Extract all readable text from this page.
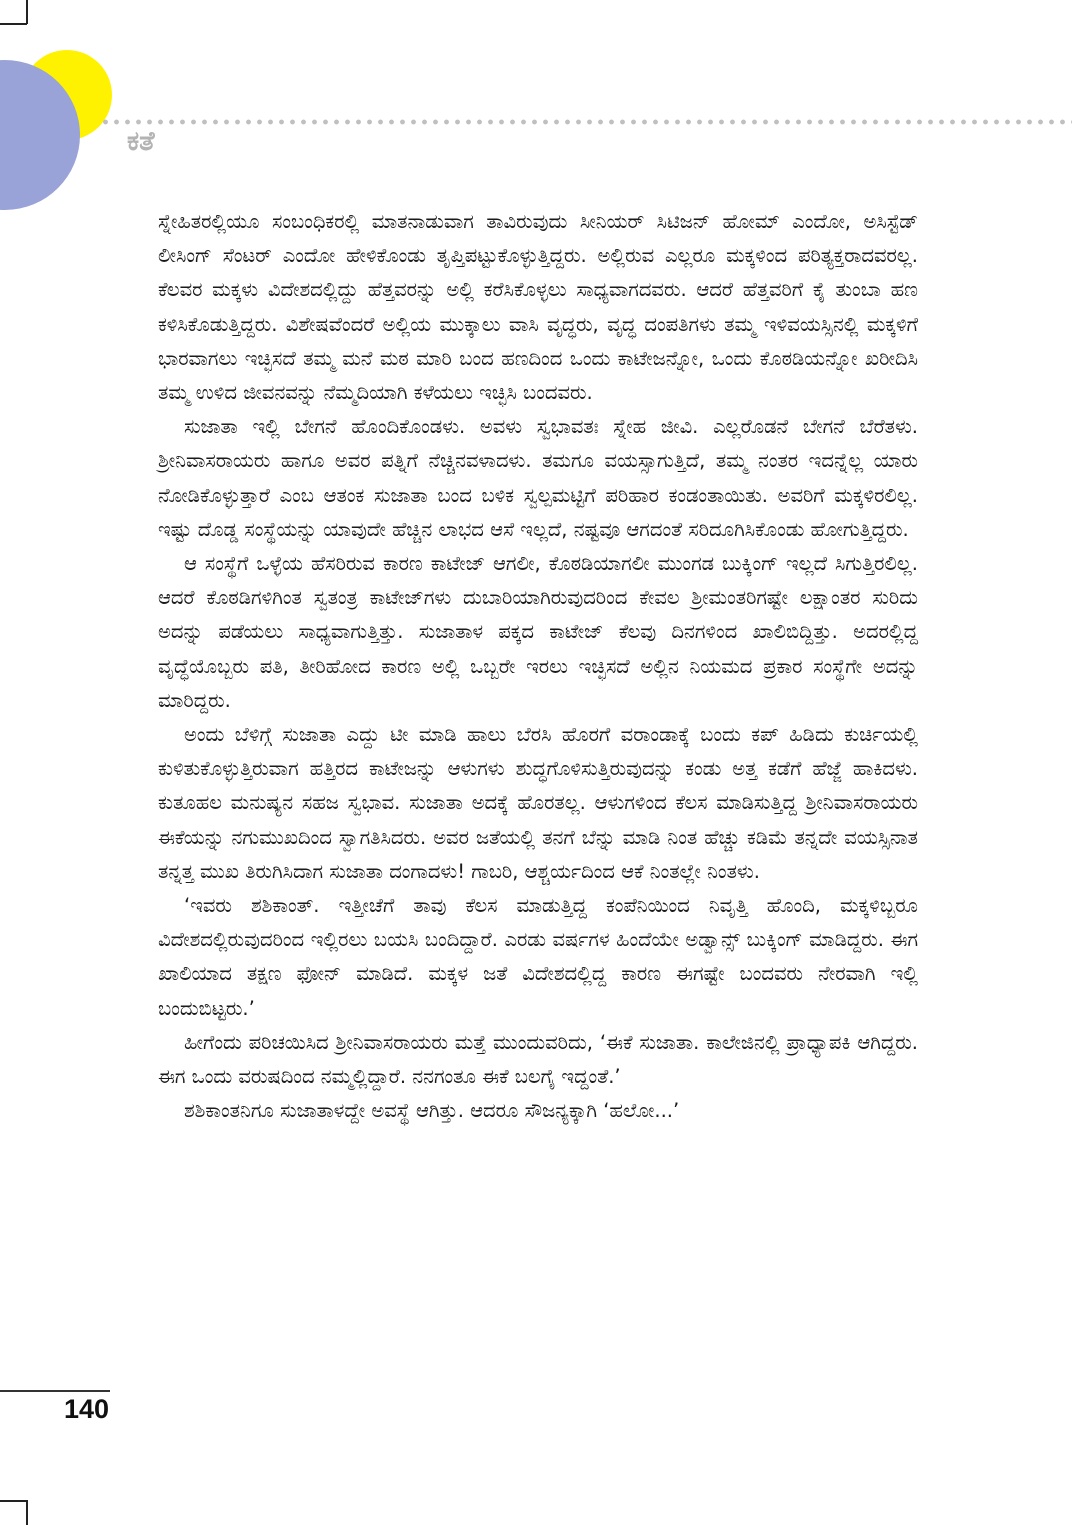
ಕತೆ

ಸ್ನೇಹಿತರಲ್ಲಿಯೂ ಸಂಬಂಧಿಕರಲ್ಲಿ ಮಾತನಾಡುವಾಗ ತಾವಿರುವುದು ಸೀನಿಯರ್ ಸಿಟಿಜನ್ ಹೋಮ್ ಎಂದೋ, ಅಸಿಸ್ಟೆಡ್ ಲೀಸಿಂಗ್ ಸೆಂಟರ್ ಎಂದೋ ಹೇಳಿಕೊಂಡು ತೃಪ್ತಿಪಟ್ಟುಕೊಳ್ಳುತ್ತಿದ್ದರು. ಅಲ್ಲಿರುವ ಎಲ್ಲರೂ ಮಕ್ಕಳಿಂದ ಪರಿತ್ಯಕ್ತರಾದವರಲ್ಲ. ಕೆಲವರ ಮಕ್ಕಳು ವಿದೇಶದಲ್ಲಿದ್ದು ಹೆತ್ತವರನ್ನು ಅಲ್ಲಿ ಕರೆಸಿಕೊಳ್ಳಲು ಸಾಧ್ಯವಾಗದವರು. ಆದರೆ ಹೆತ್ತವರಿಗೆ ಕೈ ತುಂಬಾ ಹಣ ಕಳಿಸಿಕೊಡುತ್ತಿದ್ದರು. ವಿಶೇಷವೆಂದರೆ ಅಲ್ಲಿಯ ಮುಕ್ಕಾಲು ವಾಸಿ ವೃದ್ಧರು, ವೃದ್ಧ ದಂಪತಿಗಳು ತಮ್ಮ ಇಳಿವಯಸ್ಸಿನಲ್ಲಿ ಮಕ್ಕಳಿಗೆ ಭಾರವಾಗಲು ಇಚ್ಛಿಸದೆ ತಮ್ಮ ಮನೆ ಮಠ ಮಾರಿ ಬಂದ ಹಣದಿಂದ ಒಂದು ಕಾಟೇಜನ್ನೋ, ಒಂದು ಕೊಠಡಿಯನ್ನೋ ಖರೀದಿಸಿ ತಮ್ಮ ಉಳಿದ ಜೀವನವನ್ನು ನೆಮ್ಮದಿಯಾಗಿ ಕಳೆಯಲು ಇಚ್ಛಿಸಿ ಬಂದವರು.

ಸುಜಾತಾ ಇಲ್ಲಿ ಬೇಗನೆ ಹೊಂದಿಕೊಂಡಳು. ಅವಳು ಸ್ವಭಾವತಃ ಸ್ನೇಹ ಜೀವಿ. ಎಲ್ಲರೊಡನೆ ಬೇಗನೆ ಬೆರೆತಳು. ಶ್ರೀನಿವಾಸರಾಯರು ಹಾಗೂ ಅವರ ಪತ್ನಿಗೆ ನೆಚ್ಚಿನವಳಾದಳು. ತಮಗೂ ವಯಸ್ಸಾಗುತ್ತಿದೆ, ತಮ್ಮ ನಂತರ ಇದನ್ನೆಲ್ಲ ಯಾರು ನೋಡಿಕೊಳ್ಳುತ್ತಾರೆ ಎಂಬ ಆತಂಕ ಸುಜಾತಾ ಬಂದ ಬಳಿಕ ಸ್ವಲ್ಪಮಟ್ಟಿಗೆ ಪರಿಹಾರ ಕಂಡಂತಾಯಿತು. ಅವರಿಗೆ ಮಕ್ಕಳಿರಲಿಲ್ಲ. ಇಷ್ಟು ದೊಡ್ಡ ಸಂಸ್ಥೆಯನ್ನು ಯಾವುದೇ ಹೆಚ್ಚಿನ ಲಾಭದ ಆಸೆ ಇಲ್ಲದೆ, ನಷ್ಟವೂ ಆಗದಂತೆ ಸರಿದೂಗಿಸಿಕೊಂಡು ಹೋಗುತ್ತಿದ್ದರು.

ಆ ಸಂಸ್ಥೆಗೆ ಒಳ್ಳೆಯ ಹೆಸರಿರುವ ಕಾರಣ ಕಾಟೇಜ್ ಆಗಲೀ, ಕೊಠಡಿಯಾಗಲೀ ಮುಂಗಡ ಬುಕ್ಕಿಂಗ್ ಇಲ್ಲದೆ ಸಿಗುತ್ತಿರಲಿಲ್ಲ. ಆದರೆ ಕೊಠಡಿಗಳಿಗಿಂತ ಸ್ವತಂತ್ರ ಕಾಟೇಜ್‌ಗಳು ದುಬಾರಿಯಾಗಿರುವುದರಿಂದ ಕೇವಲ ಶ್ರೀಮಂತರಿಗಷ್ಟೇ ಲಕ್ಷಾಂತರ ಸುರಿದು ಅದನ್ನು ಪಡೆಯಲು ಸಾಧ್ಯವಾಗುತ್ತಿತ್ತು. ಸುಜಾತಾಳ ಪಕ್ಕದ ಕಾಟೇಜ್ ಕೆಲವು ದಿನಗಳಿಂದ ಖಾಲಿಬಿದ್ದಿತ್ತು. ಅದರಲ್ಲಿದ್ದ ವೃದ್ಧೆಯೊಬ್ಬರು ಪತಿ, ತೀರಿಹೋದ ಕಾರಣ ಅಲ್ಲಿ ಒಬ್ಬರೇ ಇರಲು ಇಚ್ಛಿಸದೆ ಅಲ್ಲಿನ ನಿಯಮದ ಪ್ರಕಾರ ಸಂಸ್ಥೆಗೇ ಅದನ್ನು ಮಾರಿದ್ದರು.

ಅಂದು ಬೆಳಿಗ್ಗೆ ಸುಜಾತಾ ಎದ್ದು ಟೀ ಮಾಡಿ ಹಾಲು ಬೆರಸಿ ಹೊರಗೆ ವರಾಂಡಾಕ್ಕೆ ಬಂದು ಕಪ್ ಹಿಡಿದು ಕುರ್ಚಿಯಲ್ಲಿ ಕುಳಿತುಕೊಳ್ಳುತ್ತಿರುವಾಗ ಹತ್ತಿರದ ಕಾಟೇಜನ್ನು ಆಳುಗಳು ಶುದ್ಧಗೊಳಿಸುತ್ತಿರುವುದನ್ನು ಕಂಡು ಅತ್ತ ಕಡೆಗೆ ಹೆಜ್ಜೆ ಹಾಕಿದಳು. ಕುತೂಹಲ ಮನುಷ್ಯನ ಸಹಜ ಸ್ವಭಾವ. ಸುಜಾತಾ ಅದಕ್ಕೆ ಹೊರತಲ್ಲ. ಆಳುಗಳಿಂದ ಕೆಲಸ ಮಾಡಿಸುತ್ತಿದ್ದ ಶ್ರೀನಿವಾಸರಾಯರು ಈಕೆಯನ್ನು ನಗುಮುಖದಿಂದ ಸ್ವಾಗತಿಸಿದರು. ಅವರ ಜತೆಯಲ್ಲಿ ತನಗೆ ಬೆನ್ನು ಮಾಡಿ ನಿಂತ ಹೆಚ್ಚು ಕಡಿಮೆ ತನ್ನದೇ ವಯಸ್ಸಿನಾತ ತನ್ನತ್ತ ಮುಖ ತಿರುಗಿಸಿದಾಗ ಸುಜಾತಾ ದಂಗಾದಳು! ಗಾಬರಿ, ಆಶ್ಚರ್ಯದಿಂದ ಆಕೆ ನಿಂತಲ್ಲೇ ನಿಂತಳು.

‘ಇವರು ಶಶಿಕಾಂತ್. ಇತ್ತೀಚೆಗೆ ತಾವು ಕೆಲಸ ಮಾಡುತ್ತಿದ್ದ ಕಂಪೆನಿಯಿಂದ ನಿವೃತ್ತಿ ಹೊಂದಿ, ಮಕ್ಕಳಿಬ್ಬರೂ ವಿದೇಶದಲ್ಲಿರುವುದರಿಂದ ಇಲ್ಲಿರಲು ಬಯಸಿ ಬಂದಿದ್ದಾರೆ. ಎರಡು ವರ್ಷಗಳ ಹಿಂದೆಯೇ ಅಡ್ವಾನ್ಸ್ ಬುಕ್ಕಿಂಗ್ ಮಾಡಿದ್ದರು. ಈಗ ಖಾಲಿಯಾದ ತಕ್ಷಣ ಫೋನ್ ಮಾಡಿದೆ. ಮಕ್ಕಳ ಜತೆ ವಿದೇಶದಲ್ಲಿದ್ದ ಕಾರಣ ಈಗಷ್ಟೇ ಬಂದವರು ನೇರವಾಗಿ ಇಲ್ಲಿ ಬಂದುಬಿಟ್ಟರು.’

ಹೀಗೆಂದು ಪರಿಚಯಿಸಿದ ಶ್ರೀನಿವಾಸರಾಯರು ಮತ್ತೆ ಮುಂದುವರಿದು, ‘ಈಕೆ ಸುಜಾತಾ. ಕಾಲೇಜಿನಲ್ಲಿ ಪ್ರಾಧ್ಯಾಪಕಿ ಆಗಿದ್ದರು. ಈಗ ಒಂದು ವರುಷದಿಂದ ನಮ್ಮಲ್ಲಿದ್ದಾರೆ. ನನಗಂತೂ ಈಕೆ ಬಲಗೈ ಇದ್ದಂತೆ.’

ಶಶಿಕಾಂತನಿಗೂ ಸುಜಾತಾಳದ್ದೇ ಅವಸ್ಥೆ ಆಗಿತ್ತು. ಆದರೂ ಸೌಜನ್ಯಕ್ಕಾಗಿ ‘ಹಲೋ...’

140
